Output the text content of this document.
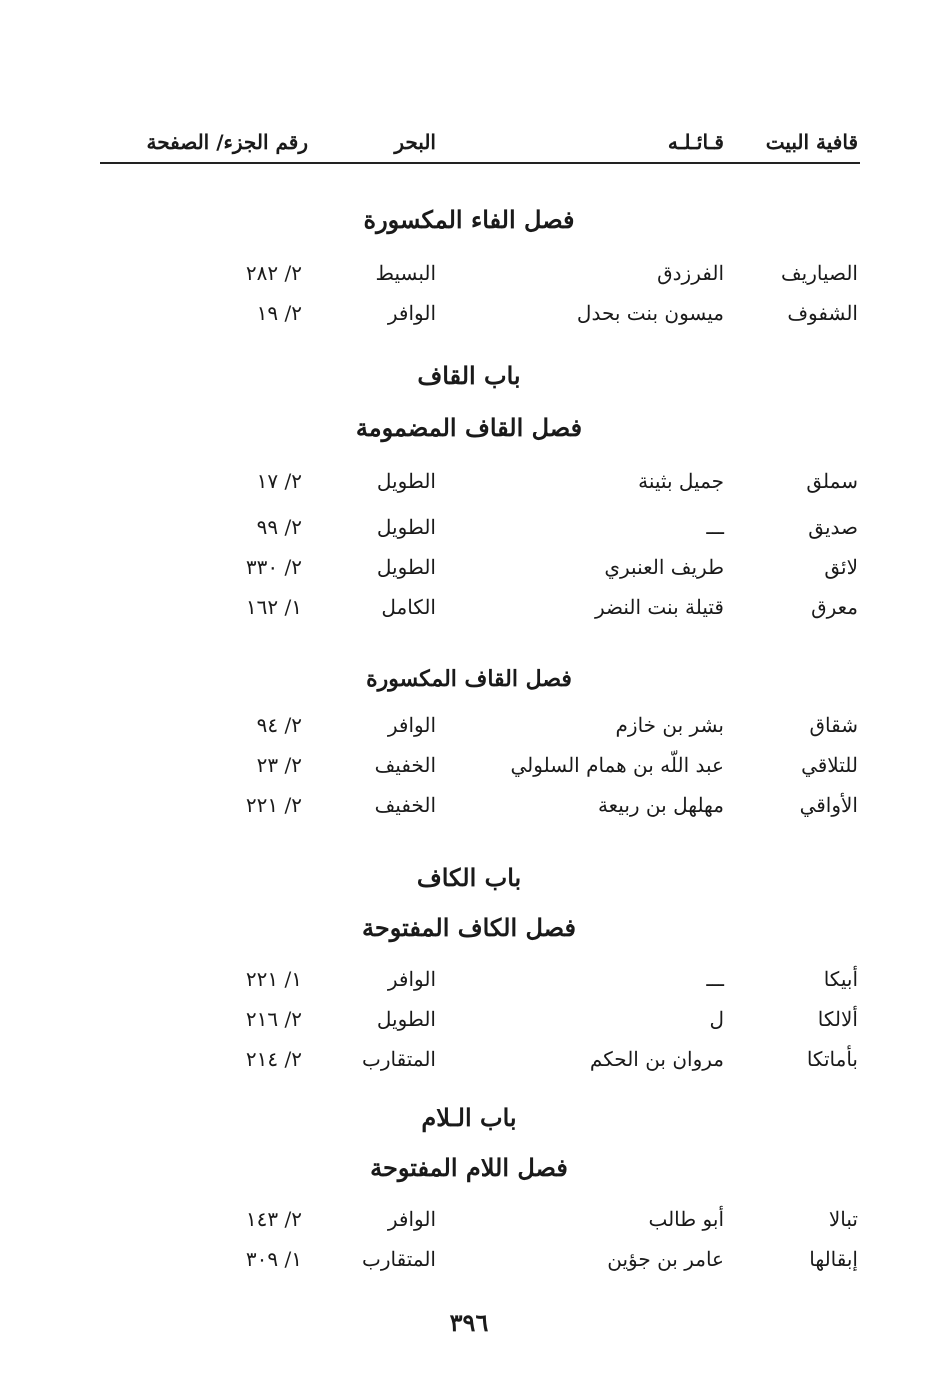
قافية البيت
قـائـلـه
البحر
رقم الجزء/ الصفحة
فصل الفاء المكسورة
باب القاف
فصل القاف المضمومة
فصل القاف المكسورة
باب الكاف
فصل الكاف المفتوحة
باب الـلام
فصل اللام المفتوحة
الصياريف
الفرزدق
البسيط
٢/ ٢٨٢
الشفوف
ميسون بنت بحدل
الوافر
٢/ ١٩
سملق
جميل بثينة
الطويل
٢/ ١٧
صديق
ـــ
الطويل
٢/ ٩٩
لائق
طريف العنبري
الطويل
٢/ ٣٣٠
معرق
قتيلة بنت النضر
الكامل
١/ ١٦٢
شقاق
بشر بن خازم
الوافر
٢/ ٩٤
للتلاقي
عبد اللّه بن همام السلولي
الخفيف
٢/ ٢٣
الأواقي
مهلهل بن ربيعة
الخفيف
٢/ ٢٢١
أبيكا
ـــ
الوافر
١/ ٢٢١
ألالكا
ل
الطويل
٢/ ٢١٦
بأماتكا
مروان بن الحكم
المتقارب
٢/ ٢١٤
تبالا
أبو طالب
الوافر
٢/ ١٤٣
إبقالها
عامر بن جؤين
المتقارب
١/ ٣٠٩
٣٩٦
